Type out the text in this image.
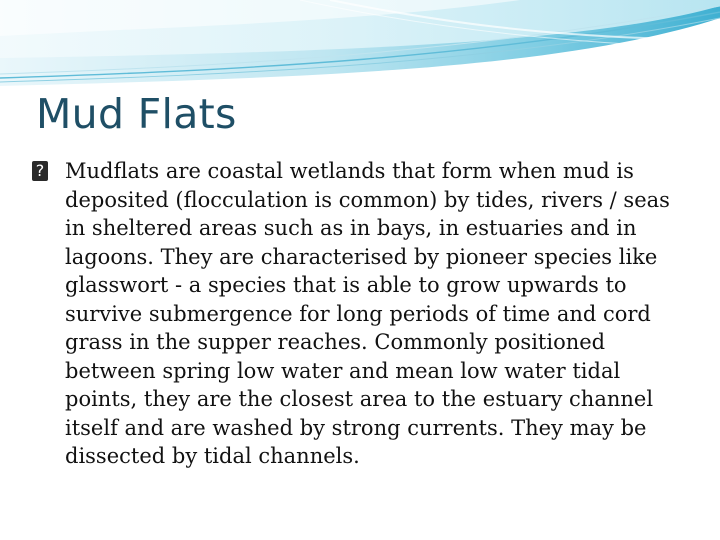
Mud Flats
? Mudflats are coastal wetlands that form when mud is deposited (flocculation is common) by tides, rivers / seas in sheltered areas such as in bays, in estuaries and in lagoons. They are characterised by pioneer species like glasswort - a species that is able to grow upwards to survive submergence for long periods of time and cord grass in the supper reaches. Commonly positioned between spring low water and mean low water tidal points, they are the closest area to the estuary channel itself and are washed by strong currents. They may be dissected by tidal channels.
